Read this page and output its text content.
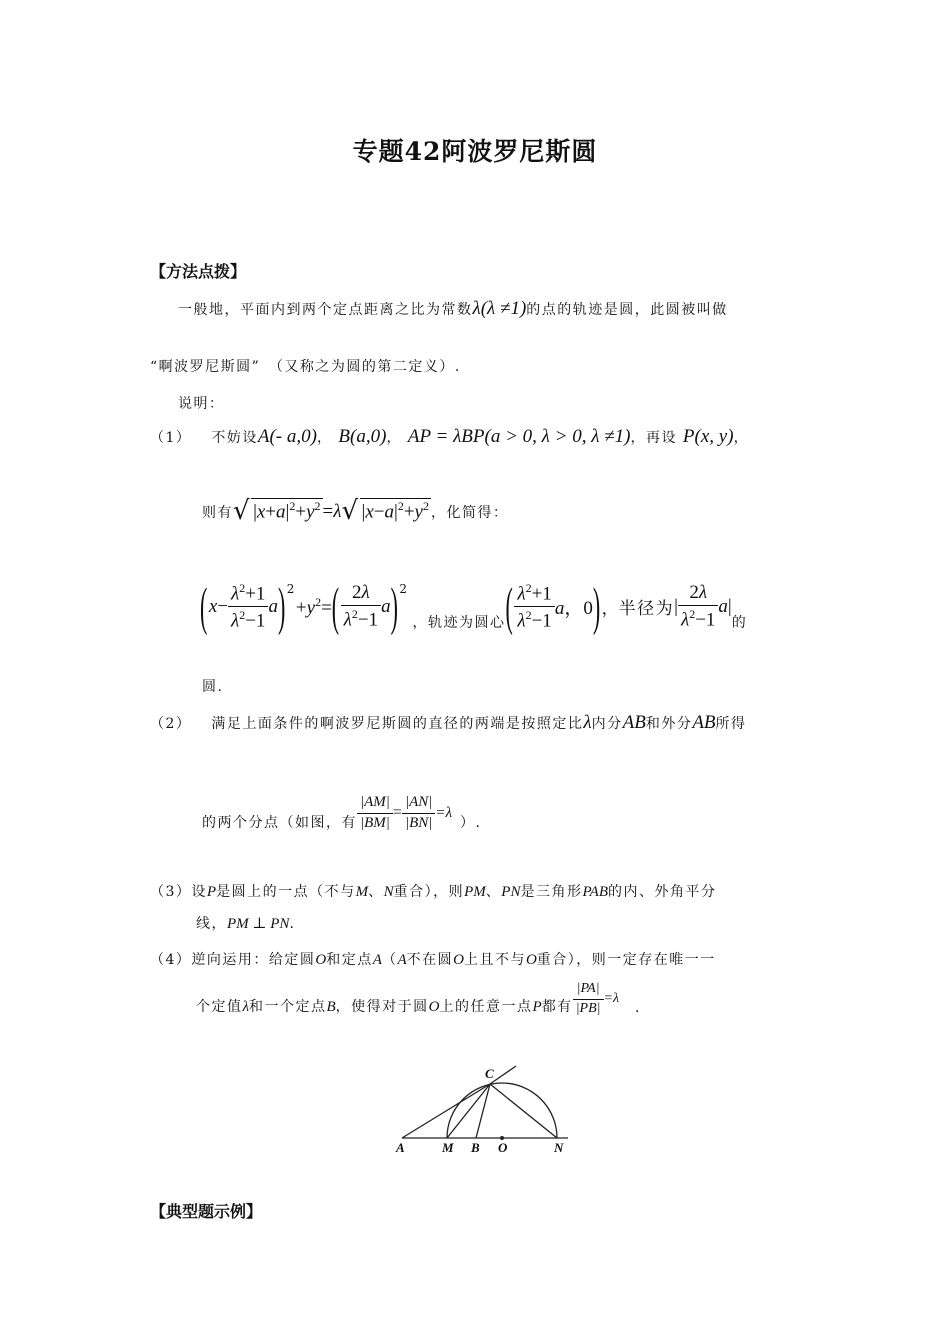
专题42阿波罗尼斯圆
【方法点拨】
一般地，平面内到两个定点距离之比为常数λ(λ ≠1)的点的轨迹是圆，此圆被叫做
“啊波罗尼斯圆”　（又称之为圆的第二定义）.
说明：
（1） 不妨设A(- a,0)， B(a,0)， AP = λBP(a > 0, λ > 0, λ ≠1)，再设 P(x, y)，
则有√ $|x+a|^2+y^2 =\lambda√$ $|x-a|^2+y^2$ ，化简得：
( $x- \frac{\lambda^2+1}{\lambda^2-1}$ a ) 2
$+y^2=$ ( $\frac{2\lambda}{\lambda^2-1}$ a ) 2
，轨迹为圆心 ( $\frac{\lambda^2+1}{\lambda^2-1}$ a，0 ) ， 半径为 | $\frac{2\lambda}{\lambda^2-1} a|$
的
圆.
（2） 满足上面条件的啊波罗尼斯圆的直径的两端是按照定比λ内分AB和外分AB所得
的两个分点（如图，有 $\frac{|AM|}{|BM|} = \frac{|AN|}{|BN|} =\lambda$
）.
（3）设P是圆上的一点（不与M、N重合），则PM、PN是三角形PAB的内、外角平分
线，PM ⊥ PN.
（4）逆向运用：给定圆O和定点A（A不在圆O上且不与O重合），则一定存在唯一一
个定值λ和一个定点B，使得对于圆O上的任意一点P都有 $\frac{|PA|}{|PB|} =\lambda$
.
A	M B O	N
C
【典型题示例】
